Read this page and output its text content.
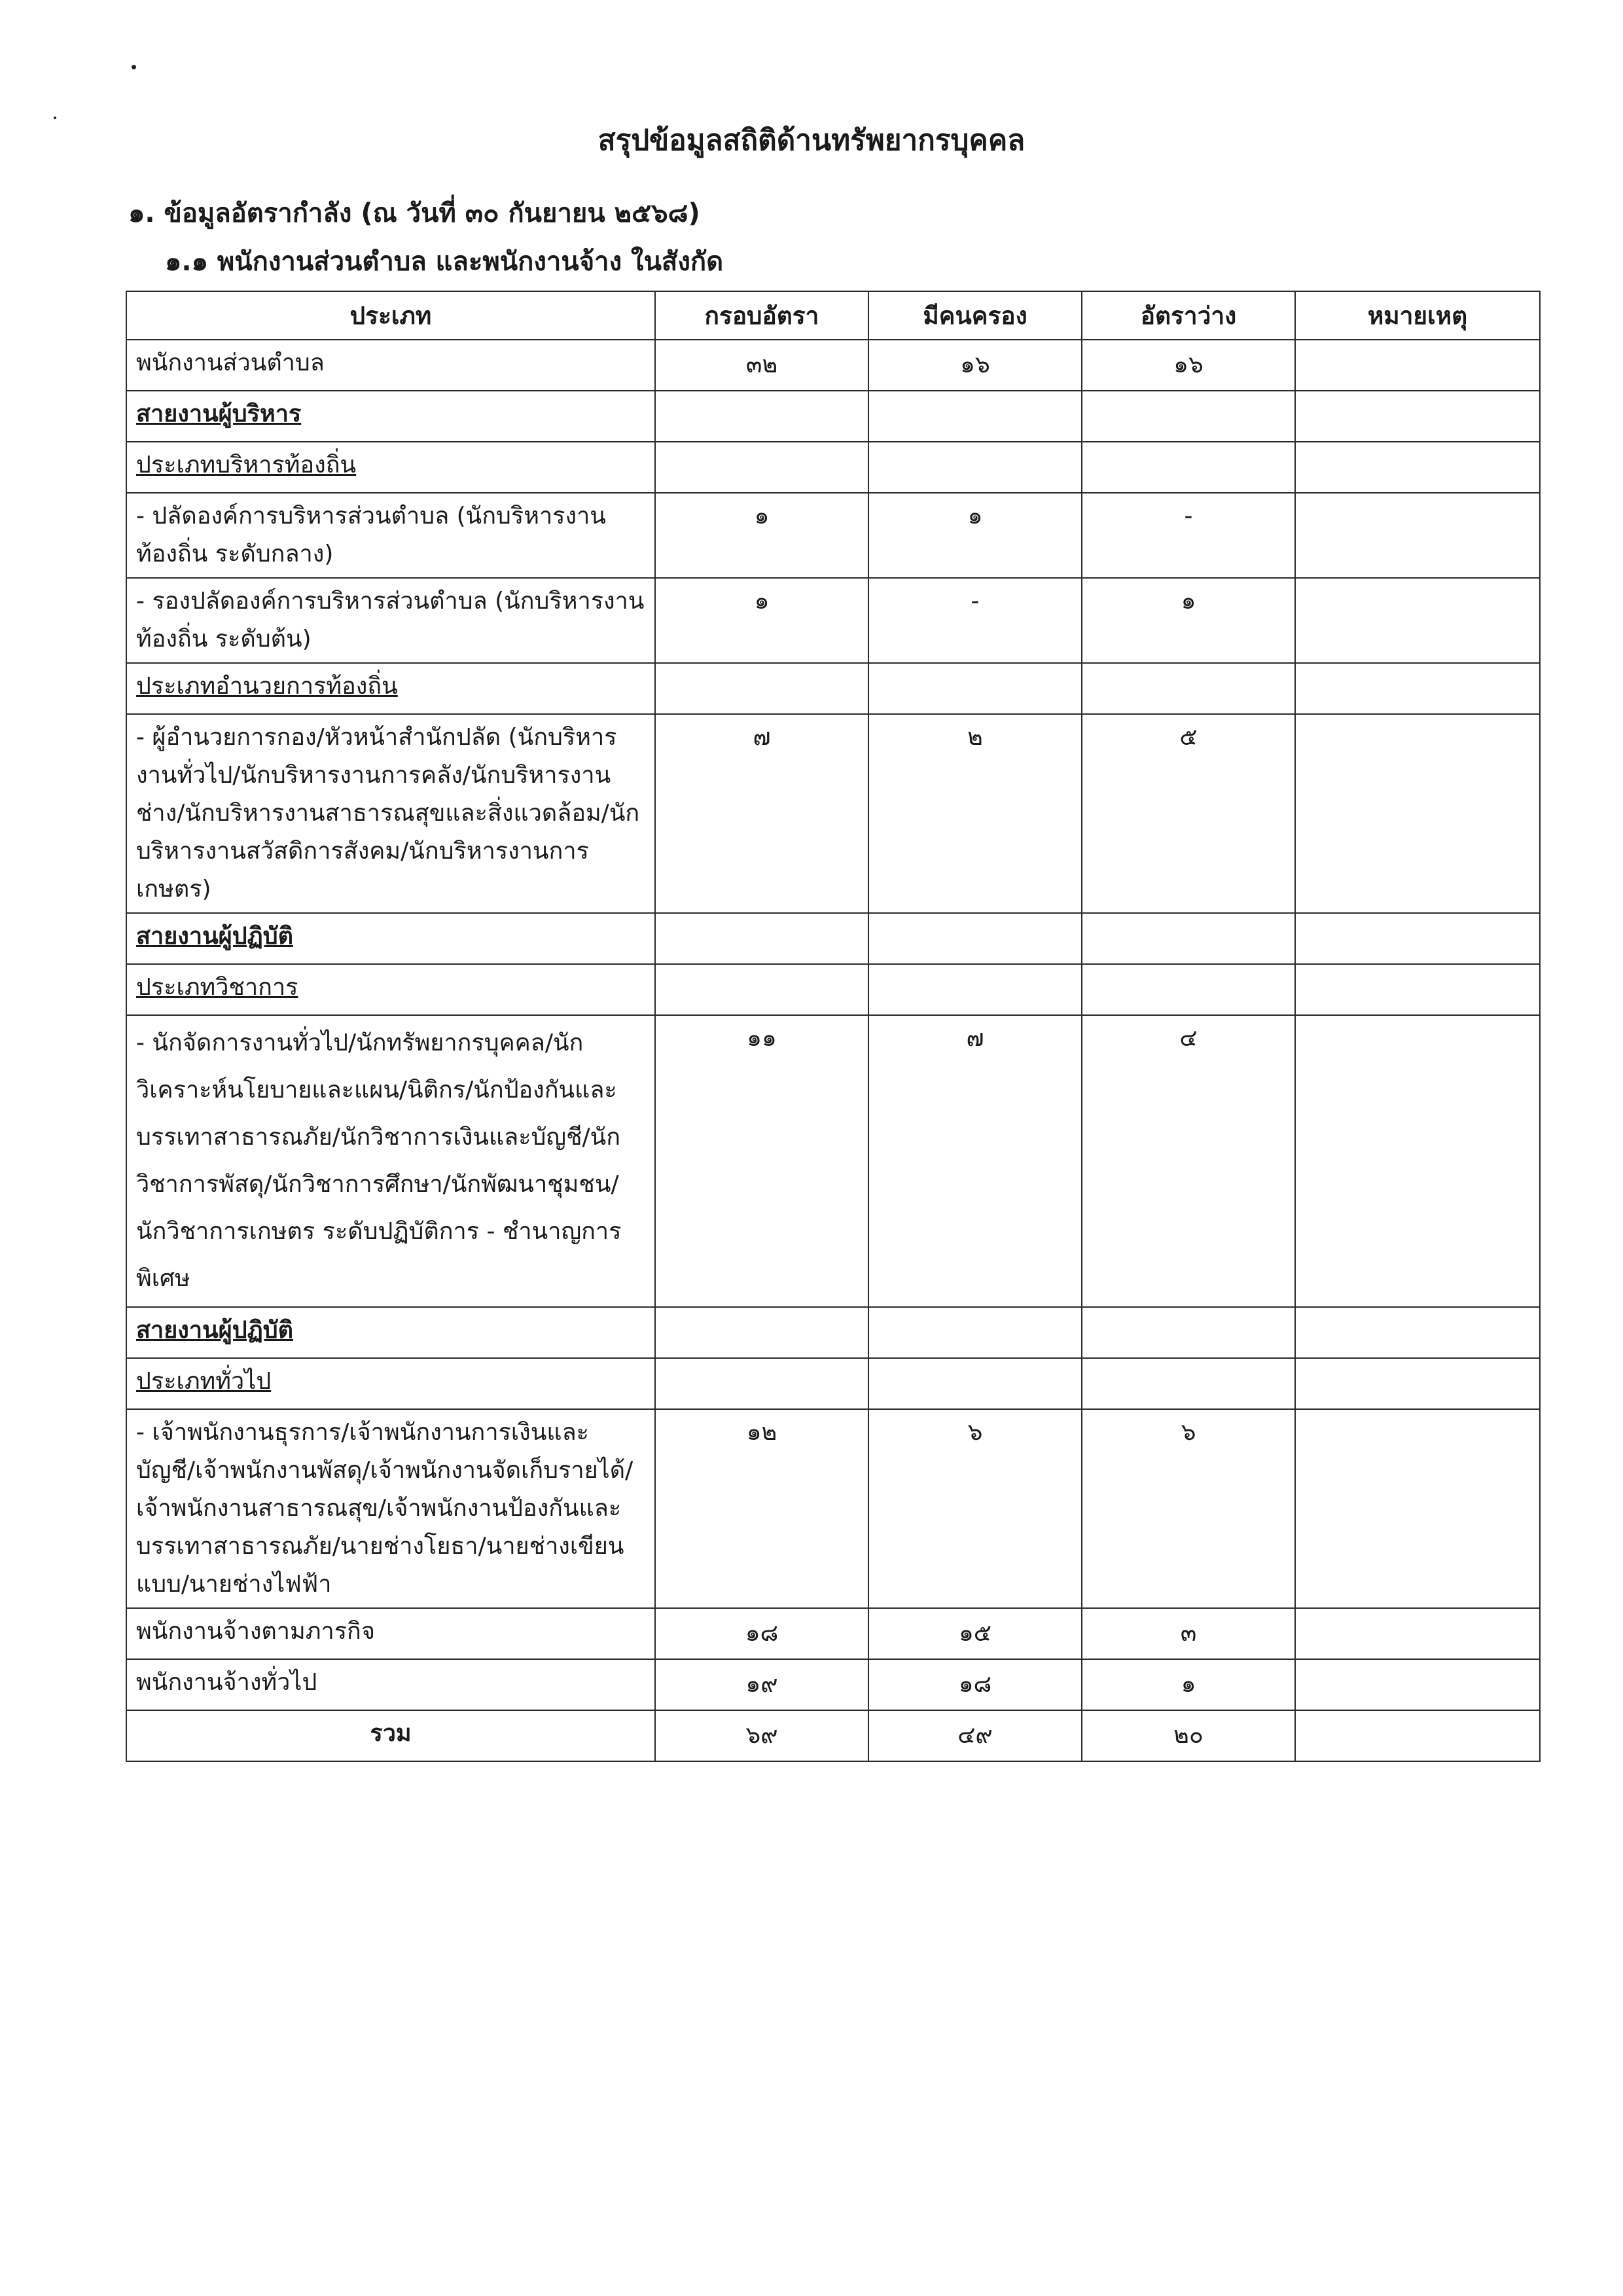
สรุปข้อมูลสถิติด้านทรัพยากรบุคคล
๑. ข้อมูลอัตรากำลัง (ณ วันที่ ๓๐ กันยายน ๒๕๖๘)
๑.๑ พนักงานส่วนตำบล และพนักงานจ้าง ในสังกัด
ประเภท	กรอบอัตรา	มีคนครอง	อัตราว่าง	หมายเหตุ
พนักงานส่วนตำบล	๓๒	๑๖	๑๖	
สายงานผู้บริหาร				
ประเภทบริหารท้องถิ่น				
- ปลัดองค์การบริหารส่วนตำบล (นักบริหารงานท้องถิ่น ระดับกลาง)	๑	๑	-	
- รองปลัดองค์การบริหารส่วนตำบล (นักบริหารงานท้องถิ่น ระดับต้น)	๑	-	๑	
ประเภทอำนวยการท้องถิ่น				
- ผู้อำนวยการกอง/หัวหน้าสำนักปลัด (นักบริหารงานทั่วไป/นักบริหารงานการคลัง/นักบริหารงานช่าง/นักบริหารงานสาธารณสุขและสิ่งแวดล้อม/นักบริหารงานสวัสดิการสังคม/นักบริหารงานการเกษตร)	๗	๒	๕	
สายงานผู้ปฏิบัติ				
ประเภทวิชาการ				
- นักจัดการงานทั่วไป/นักทรัพยากรบุคคล/นักวิเคราะห์นโยบายและแผน/นิติกร/นักป้องกันและบรรเทาสาธารณภัย/นักวิชาการเงินและบัญชี/นักวิชาการพัสดุ/นักวิชาการศึกษา/นักพัฒนาชุมชน/นักวิชาการเกษตร ระดับปฏิบัติการ - ชำนาญการพิเศษ	๑๑	๗	๔	
สายงานผู้ปฏิบัติ				
ประเภททั่วไป				
- เจ้าพนักงานธุรการ/เจ้าพนักงานการเงินและบัญชี/เจ้าพนักงานพัสดุ/เจ้าพนักงานจัดเก็บรายได้/เจ้าพนักงานสาธารณสุข/เจ้าพนักงานป้องกันและบรรเทาสาธารณภัย/นายช่างโยธา/นายช่างเขียนแบบ/นายช่างไฟฟ้า	๑๒	๖	๖	
พนักงานจ้างตามภารกิจ	๑๘	๑๕	๓	
พนักงานจ้างทั่วไป	๑๙	๑๘	๑	
รวม	๖๙	๔๙	๒๐	
